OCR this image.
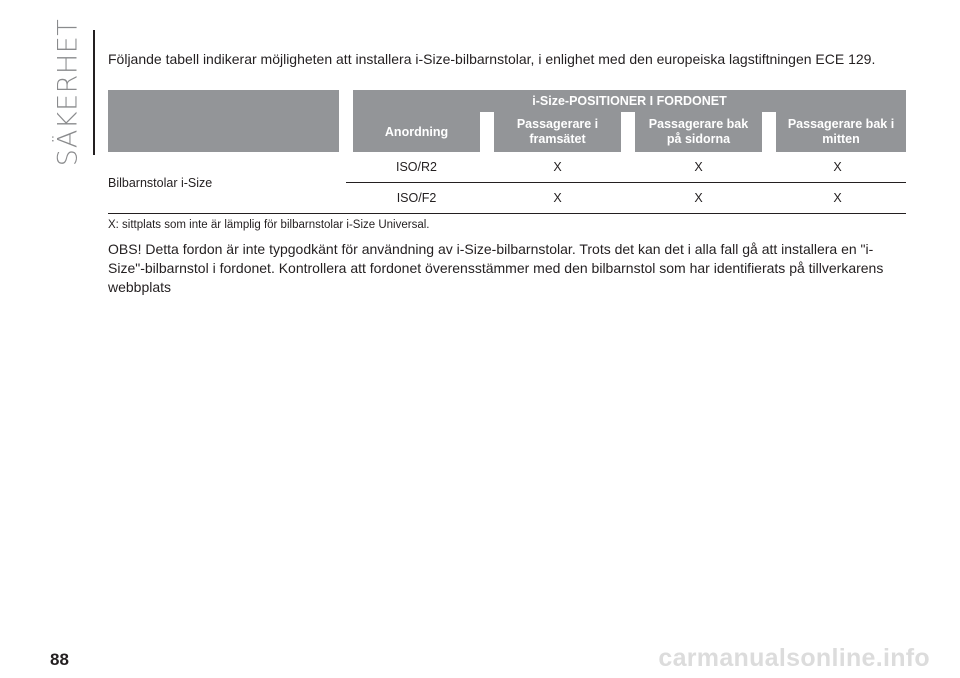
SÄKERHET Följande tabell indikerar möjligheten att installera i-Size-bilbarnstolar, i enlighet med den europeiska lagstiftningen ECE 129.
	i-Size-POSITIONER I FORDONET			
	Anordning	Passagerare i framsätet	Passagerare bak på sidorna	Passagerare bak i mitten
Bilbarnstolar i-Size	ISO/R2	X	X	X
	ISO/F2	X	X	X
X: sittplats som inte är lämplig för bilbarnstolar i-Size Universal.
OBS! Detta fordon är inte typgodkänt för användning av i-Size-bilbarnstolar. Trots det kan det i alla fall gå att installera en "i-Size"-bilbarnstol i fordonet. Kontrollera att fordonet överensstämmer med den bilbarnstol som har identifierats på tillverkarens webbplats
88	carmanualsonline.info
